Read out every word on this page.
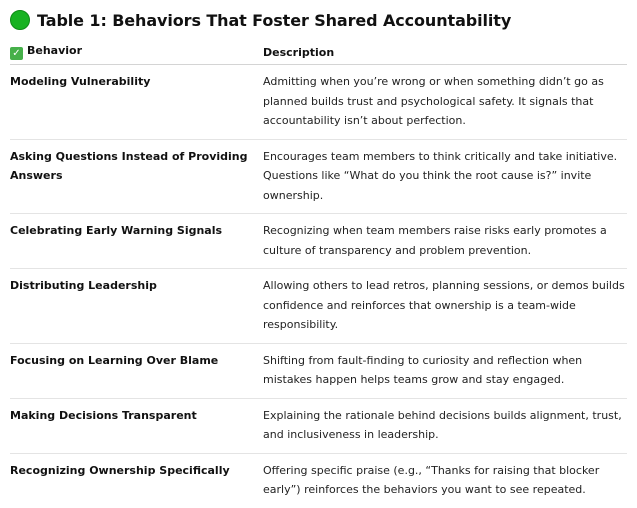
Table 1: Behaviors That Foster Shared Accountability
✓ Behavior	Description
Modeling Vulnerability	Admitting when you’re wrong or when something didn’t go as planned builds trust and psychological safety. It signals that accountability isn’t about perfection.
Asking Questions Instead of Providing Answers	Encourages team members to think critically and take initiative. Questions like “What do you think the root cause is?” invite ownership.
Celebrating Early Warning Signals	Recognizing when team members raise risks early promotes a culture of transparency and problem prevention.
Distributing Leadership	Allowing others to lead retros, planning sessions, or demos builds confidence and reinforces that ownership is a team-wide responsibility.
Focusing on Learning Over Blame	Shifting from fault-finding to curiosity and reflection when mistakes happen helps teams grow and stay engaged.
Making Decisions Transparent	Explaining the rationale behind decisions builds alignment, trust, and inclusiveness in leadership.
Recognizing Ownership Specifically	Offering specific praise (e.g., “Thanks for raising that blocker early”) reinforces the behaviors you want to see repeated.
